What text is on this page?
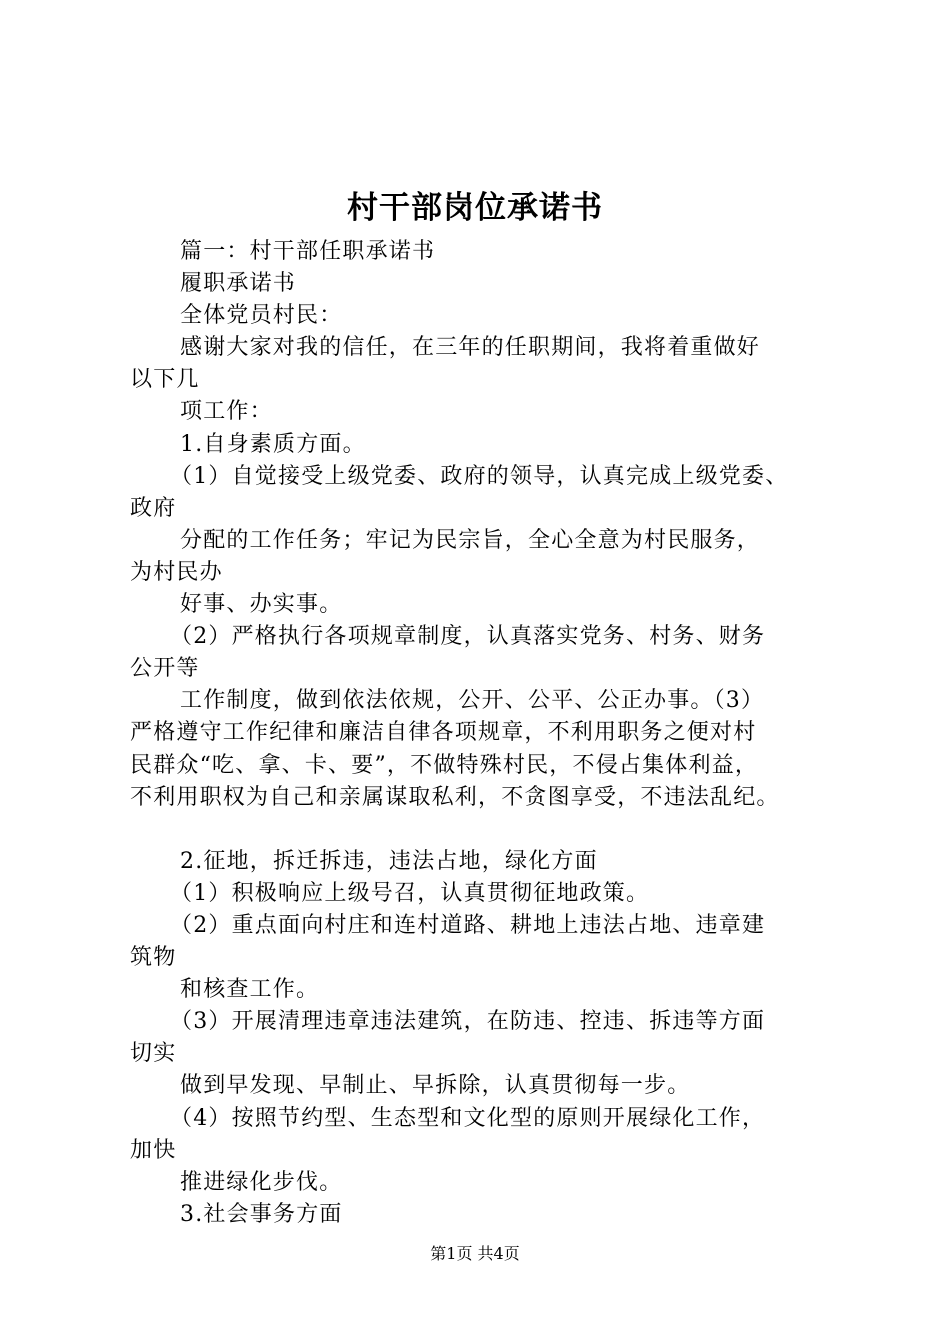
村干部岗位承诺书
篇一：村干部任职承诺书
履职承诺书
全体党员村民：
感谢大家对我的信任，在三年的任职期间，我将着重做好
以下几
项工作：
1.自身素质方面。
（1）自觉接受上级党委、政府的领导，认真完成上级党委、
政府
分配的工作任务；牢记为民宗旨，全心全意为村民服务，
为村民办
好事、办实事。
（2）严格执行各项规章制度，认真落实党务、村务、财务
公开等
工作制度，做到依法依规，公开、公平、公正办事。（3）
严格遵守工作纪律和廉洁自律各项规章，不利用职务之便对村
民群众“吃、拿、卡、要”，不做特殊村民，不侵占集体利益，
不利用职权为自己和亲属谋取私利，不贪图享受，不违法乱纪。
2.征地，拆迁拆违，违法占地，绿化方面
（1）积极响应上级号召，认真贯彻征地政策。
（2）重点面向村庄和连村道路、耕地上违法占地、违章建
筑物
和核查工作。
（3）开展清理违章违法建筑，在防违、控违、拆违等方面
切实
做到早发现、早制止、早拆除，认真贯彻每一步。
（4）按照节约型、生态型和文化型的原则开展绿化工作，
加快
推进绿化步伐。
3.社会事务方面
第1页 共4页
